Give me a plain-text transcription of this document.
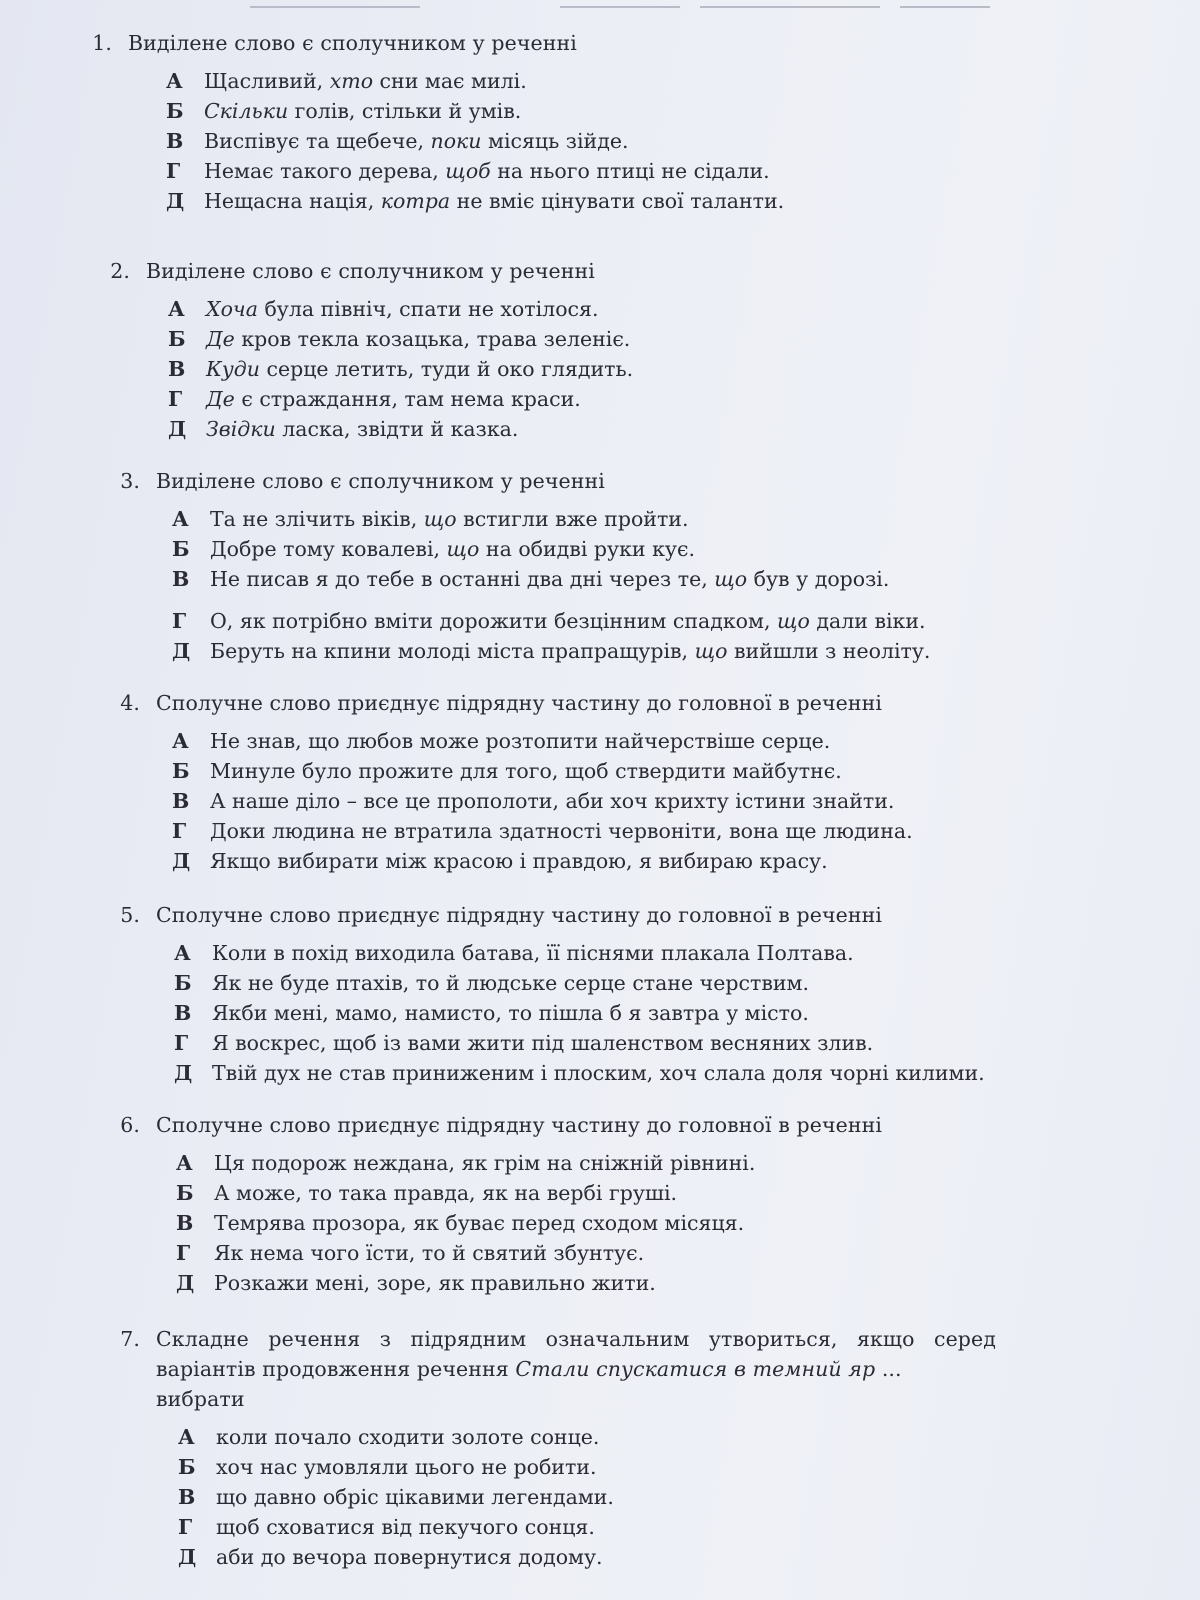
1. Виділене слово є сполучником у реченні
А	Щасливий, хто сни має милі.
Б Скільки голів, стільки й умів.
В	Виспівує та щебече, поки місяць зійде.
Г	Немає такого дерева, щоб на нього птиці не сідали.
Д Нещасна нація, котра не вміє цінувати свої таланти.
2. Виділене слово є сполучником у реченні
А	Хоча була північ, спати не хотілося.
Б Де кров текла козацька, трава зеленіє.
В	Куди серце летить, туди й око глядить.
Г	Де є страждання, там нема краси.
Д Звідки ласка, звідти й казка.
3. Виділене слово є сполучником у реченні
А	Та не злічить віків, що встигли вже пройти.
Б Добре тому ковалеві, що на обидві руки кує.
В	Не писав я до тебе в останні два дні через те, що був у дорозі.
Г	О, як потрібно вміти дорожити безцінним спадком, що дали віки.
Д Беруть на кпини молоді міста прапращурів, що вийшли з неоліту.
4. Сполучне слово приєднує підрядну частину до головної в реченні
А	Не знав, що любов може розтопити найчерствіше серце.
Б Минуле було прожите для того, щоб ствердити майбутнє.
В	А наше діло – все це прополоти, аби хоч крихту істини знайти.
Г	Доки людина не втратила здатності червоніти, вона ще людина.
Д Якщо вибирати між красою і правдою, я вибираю красу.
5. Сполучне слово приєднує підрядну частину до головної в реченні
А	Коли в похід виходила батава, її піснями плакала Полтава.
Б Як не буде птахів, то й людське серце стане черствим.
В	Якби мені, мамо, намисто, то пішла б я завтра у місто.
Г	Я воскрес, щоб із вами жити під шаленством весняних злив.
Д Твій дух не став приниженим і плоским, хоч слала доля чорні килими.
6. Сполучне слово приєднує підрядну частину до головної в реченні
А	Ця подорож неждана, як грім на сніжній рівнині.
Б А може, то така правда, як на вербі груші.
В	Темрява прозора, як буває перед сходом місяця.
Г	Як нема чого їсти, то й святий збунтує.
Д Розкажи мені, зоре, як правильно жити.
7. Складне речення з підрядним означальним утвориться, якщо серед
варіантів продовження речення Стали спускатися в темний яр ... вибрати
А	коли почало сходити золоте сонце.
Б хоч нас умовляли цього не робити.
В	що давно обріс цікавими легендами.
Г	щоб сховатися від пекучого сонця.
Д аби до вечора повернутися додому.
